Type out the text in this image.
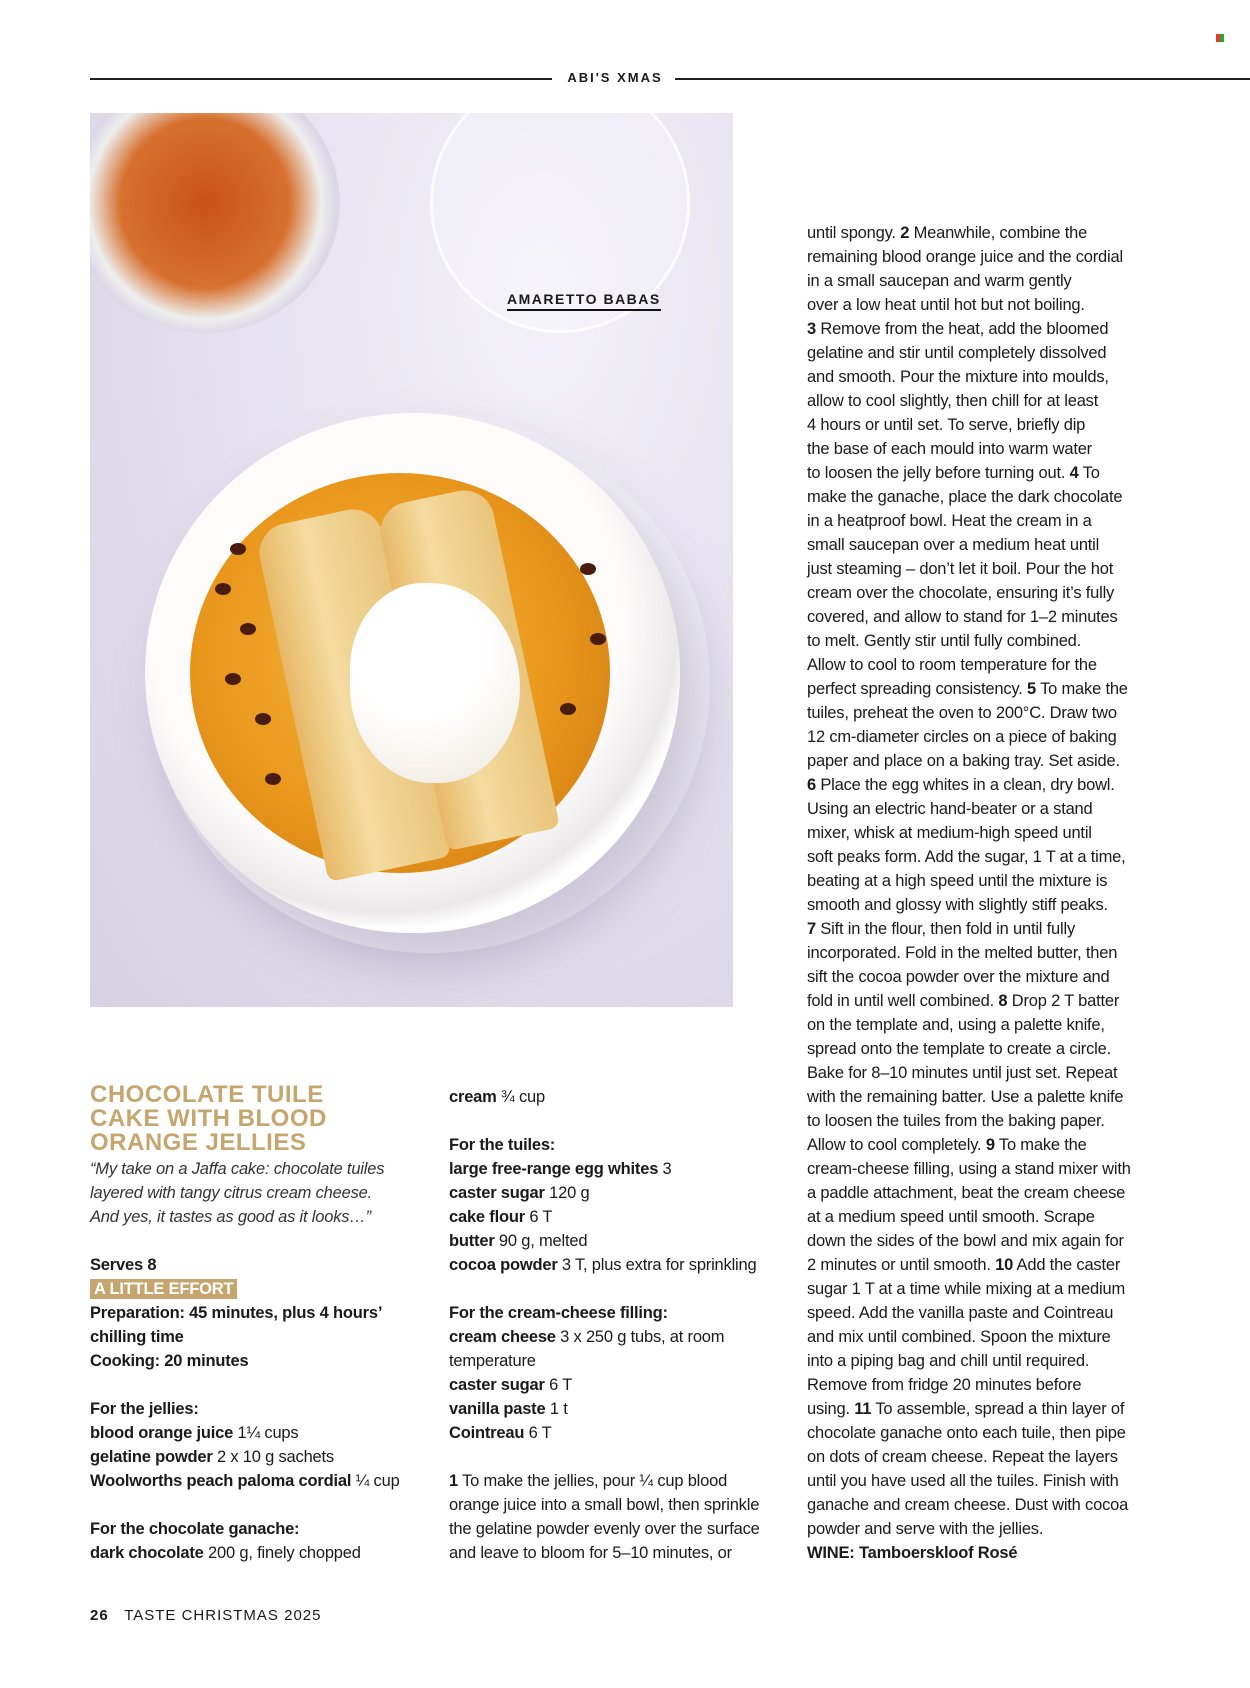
ABI'S XMAS
AMARETTO BABAS
CHOCOLATE TUILE
CAKE WITH BLOOD
ORANGE JELLIES
“My take on a Jaffa cake: chocolate tuiles
layered with tangy citrus cream cheese.
And yes, it tastes as good as it looks…”
Serves 8
A LITTLE EFFORT
Preparation: 45 minutes, plus 4 hours’
chilling time
Cooking: 20 minutes
For the jellies:
blood orange juice 1¼ cups
gelatine powder 2 x 10 g sachets
Woolworths peach paloma cordial ¼ cup
For the chocolate ganache:
dark chocolate 200 g, finely chopped
cream ¾ cup
For the tuiles:
large free-range egg whites 3
caster sugar 120 g
cake flour 6 T
butter 90 g, melted
cocoa powder 3 T, plus extra for sprinkling
For the cream-cheese filling:
cream cheese 3 x 250 g tubs, at room
temperature
caster sugar 6 T
vanilla paste 1 t
Cointreau 6 T
1 To make the jellies, pour ¼ cup blood
orange juice into a small bowl, then sprinkle
the gelatine powder evenly over the surface
and leave to bloom for 5–10 minutes, or
until spongy. 2 Meanwhile, combine the
remaining blood orange juice and the cordial
in a small saucepan and warm gently
over a low heat until hot but not boiling.
3 Remove from the heat, add the bloomed
gelatine and stir until completely dissolved
and smooth. Pour the mixture into moulds,
allow to cool slightly, then chill for at least
4 hours or until set. To serve, briefly dip
the base of each mould into warm water
to loosen the jelly before turning out. 4 To
make the ganache, place the dark chocolate
in a heatproof bowl. Heat the cream in a
small saucepan over a medium heat until
just steaming – don’t let it boil. Pour the hot
cream over the chocolate, ensuring it’s fully
covered, and allow to stand for 1–2 minutes
to melt. Gently stir until fully combined.
Allow to cool to room temperature for the
perfect spreading consistency. 5 To make the
tuiles, preheat the oven to 200°C. Draw two
12 cm-diameter circles on a piece of baking
paper and place on a baking tray. Set aside.
6 Place the egg whites in a clean, dry bowl.
Using an electric hand-beater or a stand
mixer, whisk at medium-high speed until
soft peaks form. Add the sugar, 1 T at a time,
beating at a high speed until the mixture is
smooth and glossy with slightly stiff peaks.
7 Sift in the flour, then fold in until fully
incorporated. Fold in the melted butter, then
sift the cocoa powder over the mixture and
fold in until well combined. 8 Drop 2 T batter
on the template and, using a palette knife,
spread onto the template to create a circle.
Bake for 8–10 minutes until just set. Repeat
with the remaining batter. Use a palette knife
to loosen the tuiles from the baking paper.
Allow to cool completely. 9 To make the
cream-cheese filling, using a stand mixer with
a paddle attachment, beat the cream cheese
at a medium speed until smooth. Scrape
down the sides of the bowl and mix again for
2 minutes or until smooth. 10 Add the caster
sugar 1 T at a time while mixing at a medium
speed. Add the vanilla paste and Cointreau
and mix until combined. Spoon the mixture
into a piping bag and chill until required.
Remove from fridge 20 minutes before
using. 11 To assemble, spread a thin layer of
chocolate ganache onto each tuile, then pipe
on dots of cream cheese. Repeat the layers
until you have used all the tuiles. Finish with
ganache and cream cheese. Dust with cocoa
powder and serve with the jellies.
WINE: Tamboerskloof Rosé
26 TASTE CHRISTMAS 2025
